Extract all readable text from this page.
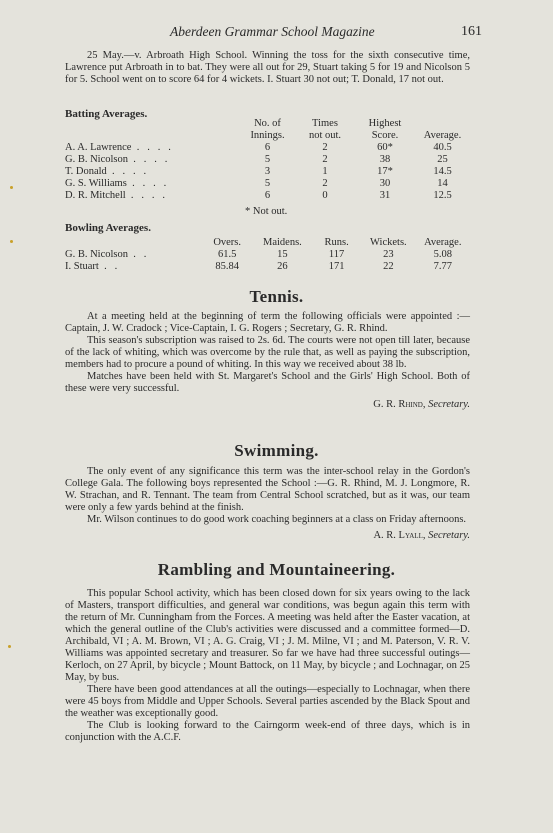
Aberdeen Grammar School Magazine	161

25 May.—v. Arbroath High School. Winning the toss for the sixth consecutive time, Lawrence put Arbroath in to bat. They were all out for 29, Stuart taking 5 for 19 and Nicolson 5 for 5. School went on to score 64 for 4 wickets. I. Stuart 30 not out; T. Donald, 17 not out.

Batting Averages.
	No. of	Times	Highest	
	Innings.	not out.	Score.	Average.
A. A. Lawrence  .   .   .   .	6	2	60*	40.5
G. B. Nicolson  .   .   .   .	5	2	38	25
T. Donald  .   .   .   .	3	1	17*	14.5
G. S. Williams  .   .   .   .	5	2	30	14
D. R. Mitchell  .   .   .   .	6	0	31	12.5
* Not out.
Bowling Averages.
	Overs.	Maidens.	Runs.	Wickets.	Average.
G. B. Nicolson  .   .	61.5	15	117	23	5.08
I. Stuart  .   .	85.84	26	171	22	7.77
Tennis.

At a meeting held at the beginning of term the following officials were appointed :—Captain, J. W. Cradock ; Vice-Captain, I. G. Rogers ; Secretary, G. R. Rhind.

This season's subscription was raised to 2s. 6d. The courts were not open till later, because of the lack of whiting, which was overcome by the rule that, as well as paying the subscription, members had to procure a pound of whiting. In this way we received about 38 lb.

Matches have been held with St. Margaret's School and the Girls' High School. Both of these were very successful.

G. R. Rhind, Secretary.
Swimming.

The only event of any significance this term was the inter-school relay in the Gordon's College Gala. The following boys represented the School :—G. R. Rhind, M. J. Longmore, R. W. Strachan, and R. Tennant. The team from Central School scratched, but as it was, our team were only a few yards behind at the finish.

Mr. Wilson continues to do good work coaching beginners at a class on Friday afternoons.

A. R. Lyall, Secretary.
Rambling and Mountaineering.

This popular School activity, which has been closed down for six years owing to the lack of Masters, transport difficulties, and general war conditions, was begun again this term with the return of Mr. Cunningham from the Forces. A meeting was held after the Easter vacation, at which the general outline of the Club's activities were discussed and a committee formed—D. Archibald, VI ; A. M. Brown, VI ; A. G. Craig, VI ; J. M. Milne, VI ; and M. Paterson, V. R. V. Williams was appointed secretary and treasurer. So far we have had three successful outings—Kerloch, on 27 April, by bicycle ; Mount Battock, on 11 May, by bicycle ; and Lochnagar, on 25 May, by bus.

There have been good attendances at all the outings—especially to Lochnagar, when there were 45 boys from Middle and Upper Schools. Several parties ascended by the Black Spout and the weather was exceptionally good.

The Club is looking forward to the Cairngorm week-end of three days, which is in conjunction with the A.C.F.
